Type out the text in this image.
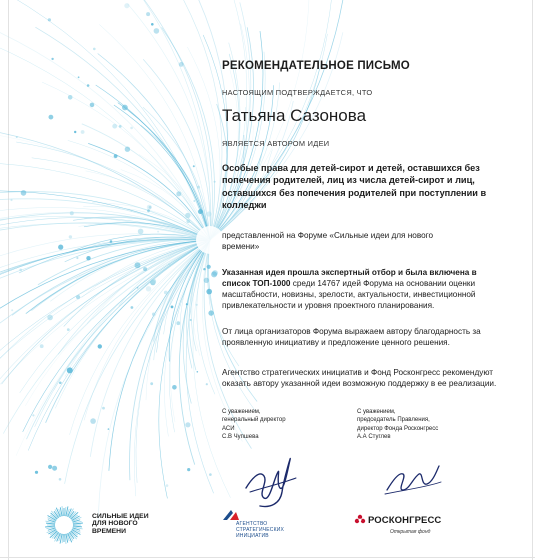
РЕКОМЕНДАТЕЛЬНОЕ ПИСЬМО
НАСТОЯЩИМ ПОДТВЕРЖДАЕТСЯ, ЧТО
Татьяна Сазонова
ЯВЛЯЕТСЯ АВТОРОМ ИДЕИ
Особые права для детей-сирот и детей, оставшихся без попечения родителей, лиц из числа детей-сирот и лиц, оставшихся без попечения родителей при поступлении в колледжи
представленной на Форуме «Сильные идеи для нового времени»
Указанная идея прошла экспертный отбор и была включена в список ТОП-1000 среди 14767 идей Форума на основании оценки масштабности, новизны, зрелости, актуальности, инвестиционной привлекательности и уровня проектного планирования.
От лица организаторов Форума выражаем автору благодарность за проявленную инициативу и предложение ценного решения.
Агентство стратегических инициатив и Фонд Росконгресс рекомендуют оказать автору указанной идеи возможную поддержку в ее реализации.
С уважением,
генеральный директор
АСИ
С.В Чупшева
С уважением,
председатель Правления,
директор Фонда Росконгресс
А.А Стуглев
СИЛЬНЫЕ ИДЕИ
ДЛЯ НОВОГО
ВРЕМЕНИ
АГЕНТСТВО
СТРАТЕГИЧЕСКИХ
ИНИЦИАТИВ
РОСКОНГРЕСС
Открытая фонд
